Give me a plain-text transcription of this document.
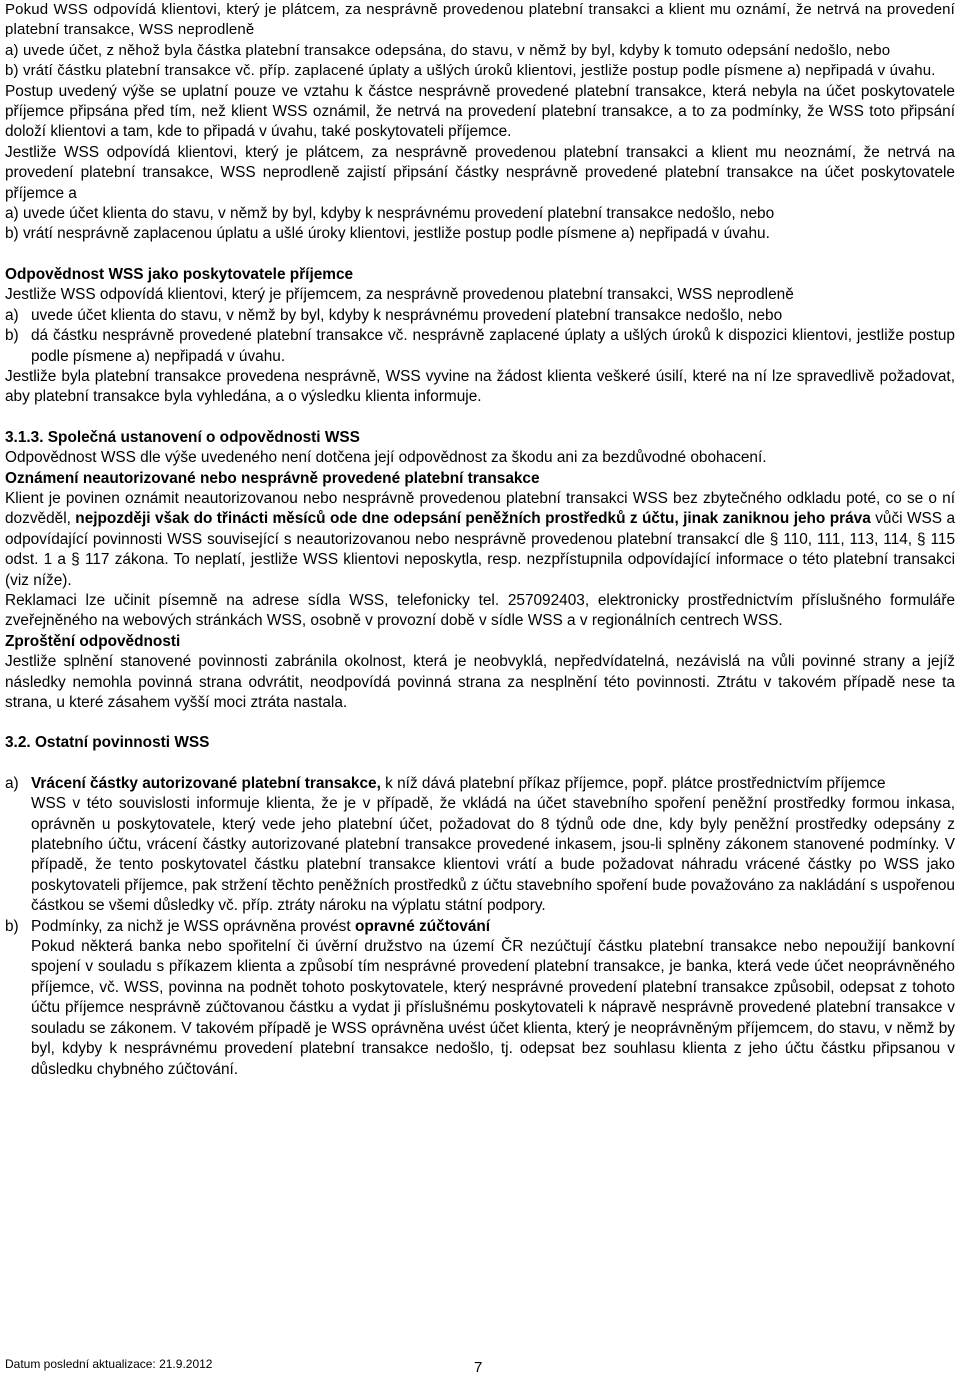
Pokud WSS odpovídá klientovi, který je plátcem, za nesprávně provedenou platební transakci a klient mu oznámí, že netrvá na provedení platební transakce, WSS neprodleně

a) uvede účet, z něhož byla částka platební transakce odepsána, do stavu, v němž by byl, kdyby k tomuto odepsání nedošlo, nebo

b) vrátí částku platební transakce vč. příp. zaplacené úplaty a ušlých úroků klientovi, jestliže postup podle písmene a) nepřipadá v úvahu.

Postup uvedený výše se uplatní pouze ve vztahu k částce nesprávně provedené platební transakce, která nebyla na účet poskytovatele příjemce připsána před tím, než klient WSS oznámil, že netrvá na provedení platební transakce, a to za podmínky, že WSS toto připsání doloží klientovi a tam, kde to připadá v úvahu, také poskytovateli příjemce.

Jestliže WSS odpovídá klientovi, který je plátcem, za nesprávně provedenou platební transakci a klient mu neoznámí, že netrvá na provedení platební transakce, WSS neprodleně zajistí připsání částky nesprávně provedené platební transakce na účet poskytovatele příjemce a

a) uvede účet klienta do stavu, v němž by byl, kdyby k nesprávnému provedení platební transakce nedošlo, nebo

b) vrátí nesprávně zaplacenou úplatu a ušlé úroky klientovi, jestliže postup podle písmene a) nepřipadá v úvahu.

Odpovědnost WSS jako poskytovatele příjemce

Jestliže WSS odpovídá klientovi, který je příjemcem, za nesprávně provedenou platební transakci, WSS neprodleně

a) uvede účet klienta do stavu, v němž by byl, kdyby k nesprávnému provedení platební transakce nedošlo, nebo
b) dá částku nesprávně provedené platební transakce vč. nesprávně zaplacené úplaty a ušlých úroků k dispozici klientovi, jestliže postup podle písmene a) nepřipadá v úvahu.

Jestliže byla platební transakce provedena nesprávně, WSS vyvine na žádost klienta veškeré úsilí, které na ní lze spravedlivě požadovat, aby platební transakce byla vyhledána, a o výsledku klienta informuje.

3.1.3. Společná ustanovení o odpovědnosti WSS

Odpovědnost WSS dle výše uvedeného není dotčena její odpovědnost za škodu ani za bezdůvodné obohacení.

Oznámení neautorizované nebo nesprávně provedené platební transakce

Klient je povinen oznámit neautorizovanou nebo nesprávně provedenou platební transakci WSS bez zbytečného odkladu poté, co se o ní dozvěděl, nejpozději však do třinácti měsíců ode dne odepsání peněžních prostředků z účtu, jinak zaniknou jeho práva vůči WSS a odpovídající povinnosti WSS související s neautorizovanou nebo nesprávně provedenou platební transakcí dle § 110, 111, 113, 114, § 115 odst. 1 a § 117 zákona. To neplatí, jestliže WSS klientovi neposkytla, resp. nezpřístupnila odpovídající informace o této platební transakci (viz níže).

Reklamaci lze učinit písemně na adrese sídla WSS, telefonicky tel. 257092403, elektronicky prostřednictvím příslušného formuláře zveřejněného na webových stránkách WSS, osobně v provozní době v sídle WSS a v regionálních centrech WSS.

Zproštění odpovědnosti

Jestliže splnění stanovené povinnosti zabránila okolnost, která je neobvyklá, nepředvídatelná, nezávislá na vůli povinné strany a jejíž následky nemohla povinná strana odvrátit, neodpovídá povinná strana za nesplnění této povinnosti. Ztrátu v takovém případě nese ta strana, u které zásahem vyšší moci ztráta nastala.

3.2. Ostatní povinnosti WSS

a) Vrácení částky autorizované platební transakce, k níž dává platební příkaz příjemce, popř. plátce prostřednictvím příjemce

WSS v této souvislosti informuje klienta, že je v případě, že vkládá na účet stavebního spoření peněžní prostředky formou inkasa, oprávněn u poskytovatele, který vede jeho platební účet, požadovat do 8 týdnů ode dne, kdy byly peněžní prostředky odepsány z platebního účtu, vrácení částky autorizované platební transakce provedené inkasem, jsou-li splněny zákonem stanovené podmínky. V případě, že tento poskytovatel částku platební transakce klientovi vrátí a bude požadovat náhradu vrácené částky po WSS jako poskytovateli příjemce, pak stržení těchto peněžních prostředků z účtu stavebního spoření bude považováno za nakládání s uspořenou částkou se všemi důsledky vč. příp. ztráty nároku na výplatu státní podpory.

b) Podmínky, za nichž je WSS oprávněna provést opravné zúčtování

Pokud některá banka nebo spořitelní či úvěrní družstvo na území ČR nezúčtují částku platební transakce nebo nepoužijí bankovní spojení v souladu s příkazem klienta a způsobí tím nesprávné provedení platební transakce, je banka, která vede účet neoprávněného příjemce, vč. WSS, povinna na podnět tohoto poskytovatele, který nesprávné provedení platební transakce způsobil, odepsat z tohoto účtu příjemce nesprávně zúčtovanou částku a vydat ji příslušnému poskytovateli k nápravě nesprávně provedené platební transakce v souladu se zákonem. V takovém případě je WSS oprávněna uvést účet klienta, který je neoprávněným příjemcem, do stavu, v němž by byl, kdyby k nesprávnému provedení platební transakce nedošlo, tj. odepsat bez souhlasu klienta z jeho účtu částku připsanou v důsledku chybného zúčtování.

Datum poslední aktualizace: 21.9.2012	7
